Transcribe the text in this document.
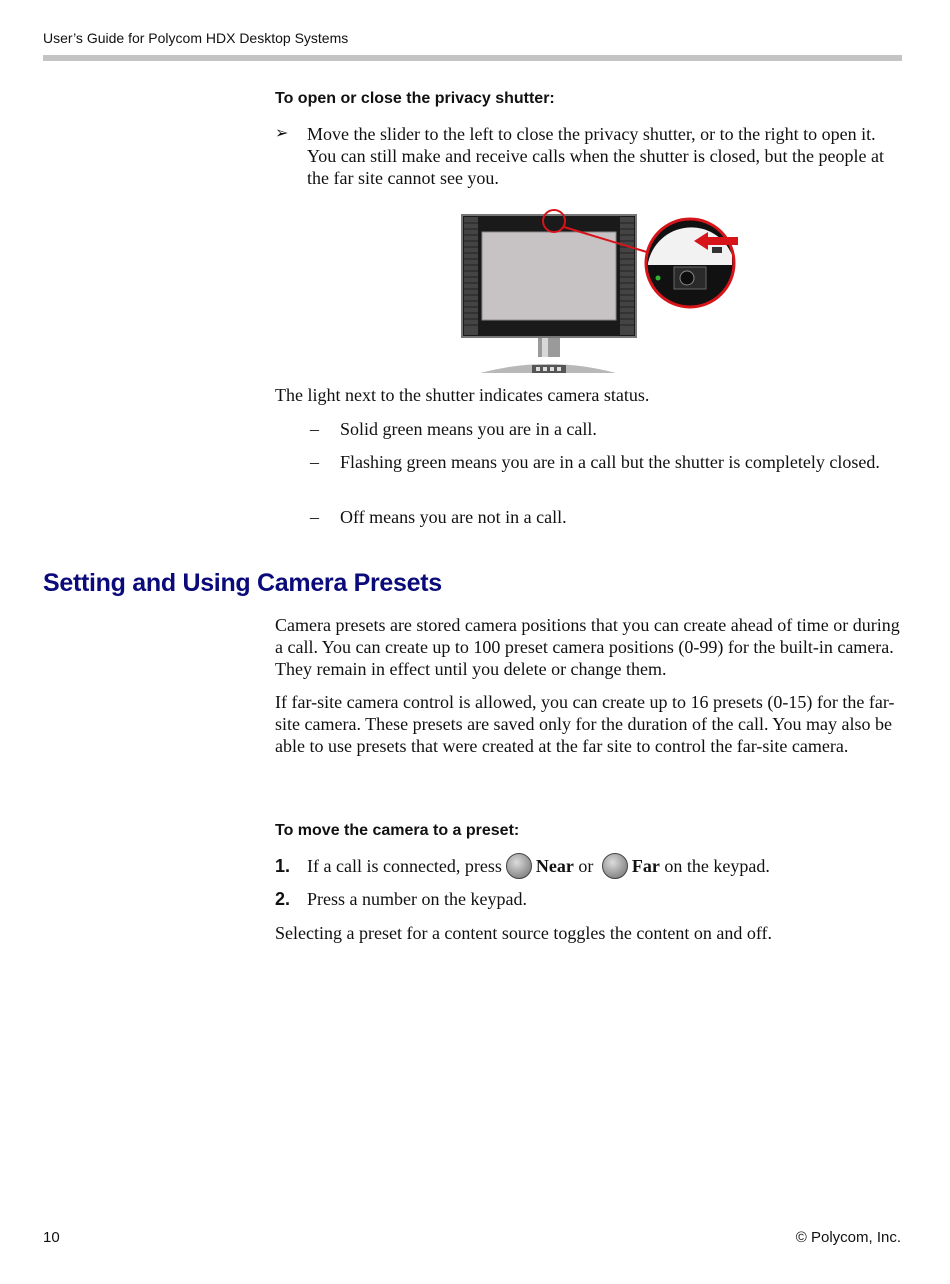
User’s Guide for Polycom HDX Desktop Systems
To open or close the privacy shutter:
➢ Move the slider to the left to close the privacy shutter, or to the right to open it. You can still make and receive calls when the shutter is closed, but the people at the far site cannot see you.
The light next to the shutter indicates camera status.
– Solid green means you are in a call.
– Flashing green means you are in a call but the shutter is completely closed.
– Off means you are not in a call.
Setting and Using Camera Presets
Camera presets are stored camera positions that you can create ahead of time or during a call. You can create up to 100 preset camera positions (0-99) for the built-in camera. They remain in effect until you delete or change them.
If far-site camera control is allowed, you can create up to 16 presets (0-15) for the far-site camera. These presets are saved only for the duration of the call. You may also be able to use presets that were created at the far site to control the far-site camera.
To move the camera to a preset:
1. If a call is connected, press Near or Far on the keypad.
2. Press a number on the keypad.
Selecting a preset for a content source toggles the content on and off.
10	© Polycom, Inc.
